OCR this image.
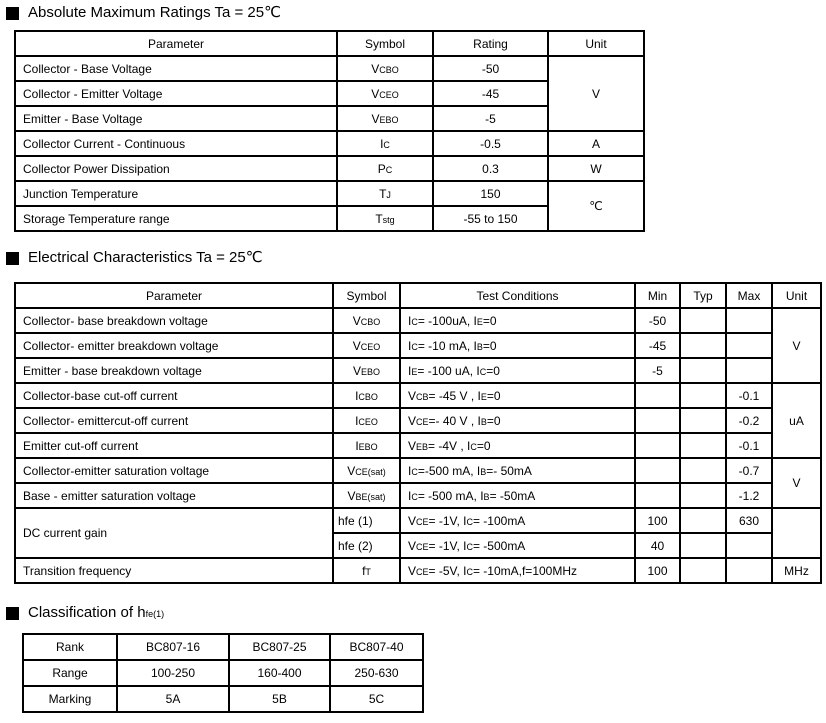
Absolute Maximum Ratings Ta = 25℃
Parameter	Symbol	Rating	Unit
Collector - Base Voltage	VCBO	-50	V
Collector - Emitter Voltage	VCEO	-45	
Emitter - Base Voltage	VEBO	-5	
Collector Current - Continuous	IC	-0.5	A
Collector Power Dissipation	PC	0.3	W
Junction Temperature	TJ	150	℃
Storage Temperature range	Tstg	-55 to 150	
Electrical Characteristics Ta = 25℃
Parameter	Symbol	Test Conditions	Min	Typ	Max	Unit
Collector- base breakdown voltage	VCBO	IC= -100uA, IE=0	-50			V
Collector- emitter breakdown voltage	VCEO	IC= -10 mA, IB=0	-45			
Emitter - base breakdown voltage	VEBO	IE= -100 uA, IC=0	-5			
Collector-base cut-off current	ICBO	VCB= -45 V , IE=0			-0.1	uA
Collector- emittercut-off current	ICEO	VCE=- 40 V , IB=0			-0.2	
Emitter cut-off current	IEBO	VEB= -4V , IC=0			-0.1	
Collector-emitter saturation voltage	VCE(sat)	IC=-500 mA, IB=- 50mA			-0.7	V
Base - emitter saturation voltage	VBE(sat)	IC= -500 mA, IB= -50mA			-1.2	
DC current gain	hfe (1)	VCE= -1V, IC= -100mA	100		630	
	hfe (2)	VCE= -1V, IC= -500mA	40			
Transition frequency	fT	VCE= -5V, IC= -10mA,f=100MHz	100			MHz
Classification of hfe(1)
Rank	BC807-16	BC807-25	BC807-40
Range	100-250	160-400	250-630
Marking	5A	5B	5C
